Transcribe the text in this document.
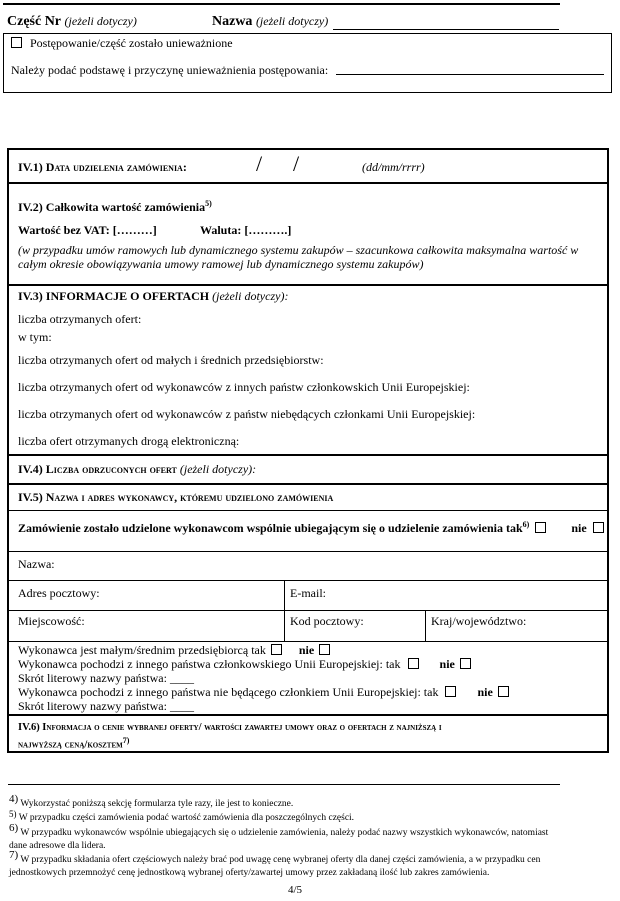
Część Nr (jeżeli dotyczy)	Nazwa (jeżeli dotyczy)
Postępowanie/część zostało unieważnione
Należy podać podstawę i przyczynę unieważnienia postępowania:
IV.1) Data udzielenia zamówienia:	/ /	(dd/mm/rrrr)
IV.2) Całkowita wartość zamówienia$^{5)}$
Wartość bez VAT: [………]	Waluta: [……….]
(w przypadku umów ramowych lub dynamicznego systemu zakupów – szacunkowa całkowita maksymalna wartość w całym okresie obowiązywania umowy ramowej lub dynamicznego systemu zakupów)
IV.3) INFORMACJE O OFERTACH (jeżeli dotyczy):
liczba otrzymanych ofert:
w tym:
liczba otrzymanych ofert od małych i średnich przedsiębiorstw:
liczba otrzymanych ofert od wykonawców z innych państw członkowskich Unii Europejskiej:
liczba otrzymanych ofert od wykonawców z państw niebędących członkami Unii Europejskiej:
liczba ofert otrzymanych drogą elektroniczną:
IV.4) Liczba odrzuconych ofert (jeżeli dotyczy):
IV.5) Nazwa i adres wykonawcy, któremu udzielono zamówienia
Zamówienie zostało udzielone wykonawcom wspólnie ubiegającym się o udzielenie zamówienia tak$^{6)}$	nie
Nazwa:
Adres pocztowy:	E-mail:
Miejscowość:	Kod pocztowy:	Kraj/województwo:
Wykonawca jest małym/średnim przedsiębiorcą tak	nie
Wykonawca pochodzi z innego państwa członkowskiego Unii Europejskiej: tak	nie
Skrót literowy nazwy państwa: ____
Wykonawca pochodzi z innego państwa nie będącego członkiem Unii Europejskiej: tak	nie
Skrót literowy nazwy państwa: ____
IV.6) Informacja o cenie wybranej oferty/ wartości zawartej umowy oraz o ofertach z najniższą i
najwyższą ceną/kosztem$^{7)}$
4) Wykorzystać poniższą sekcję formularza tyle razy, ile jest to konieczne.
5) W przypadku części zamówienia podać wartość zamówienia dla poszczególnych części.
6) W przypadku wykonawców wspólnie ubiegających się o udzielenie zamówienia, należy podać nazwy wszystkich wykonawców, natomiast dane adresowe dla lidera.
7) W przypadku składania ofert częściowych należy brać pod uwagę cenę wybranej oferty dla danej części zamówienia, a w przypadku cen jednostkowych przemnożyć cenę jednostkową wybranej oferty/zawartej umowy przez zakładaną ilość lub zakres zamówienia.
4/5
